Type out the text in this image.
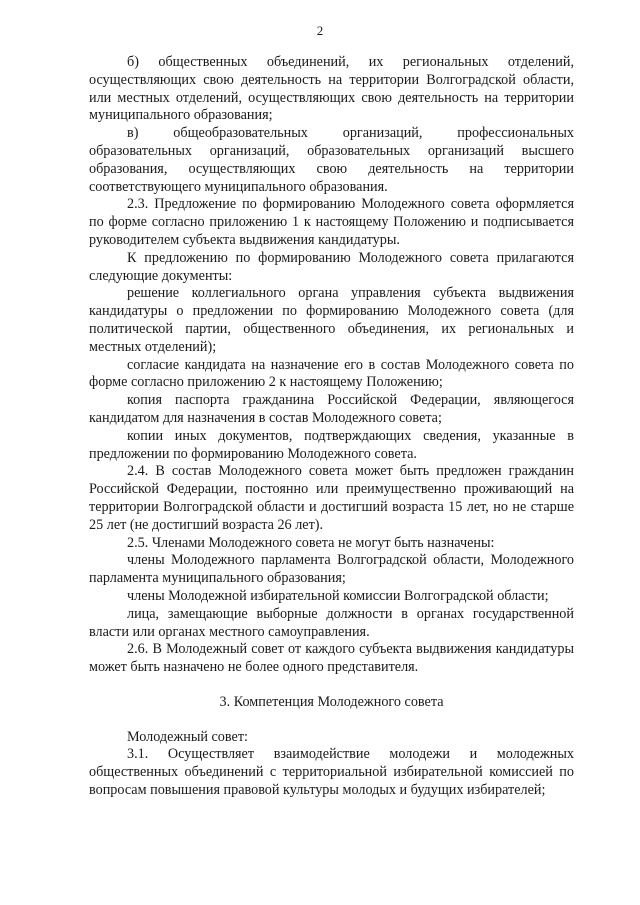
2

б) общественных объединений, их региональных отделений, осуществляющих свою деятельность на территории Волгоградской области, или местных отделений, осуществляющих свою деятельность на территории муниципального образования;

в) общеобразовательных организаций, профессиональных образовательных организаций, образовательных организаций высшего образования, осуществляющих свою деятельность на территории соответствующего муниципального образования.

2.3. Предложение по формированию Молодежного совета оформляется по форме согласно приложению 1 к настоящему Положению и подписывается руководителем субъекта выдвижения кандидатуры.

К предложению по формированию Молодежного совета прилагаются следующие документы:

решение коллегиального органа управления субъекта выдвижения кандидатуры о предложении по формированию Молодежного совета (для политической партии, общественного объединения, их региональных и местных отделений);

согласие кандидата на назначение его в состав Молодежного совета по форме согласно приложению 2 к настоящему Положению;

копия паспорта гражданина Российской Федерации, являющегося кандидатом для назначения в состав Молодежного совета;

копии иных документов, подтверждающих сведения, указанные в предложении по формированию Молодежного совета.

2.4. В состав Молодежного совета может быть предложен гражданин Российской Федерации, постоянно или преимущественно проживающий на территории Волгоградской области и достигший возраста 15 лет, но не старше 25 лет (не достигший возраста 26 лет).

2.5. Членами Молодежного совета не могут быть назначены:

члены Молодежного парламента Волгоградской области, Молодежного парламента муниципального образования;

члены Молодежной избирательной комиссии Волгоградской области;

лица, замещающие выборные должности в органах государственной власти или органах местного самоуправления.

2.6. В Молодежный совет от каждого субъекта выдвижения кандидатуры может быть назначено не более одного представителя.

3. Компетенция Молодежного совета

Молодежный совет:

3.1. Осуществляет взаимодействие молодежи и молодежных общественных объединений с территориальной избирательной комиссией по вопросам повышения правовой культуры молодых и будущих избирателей;
